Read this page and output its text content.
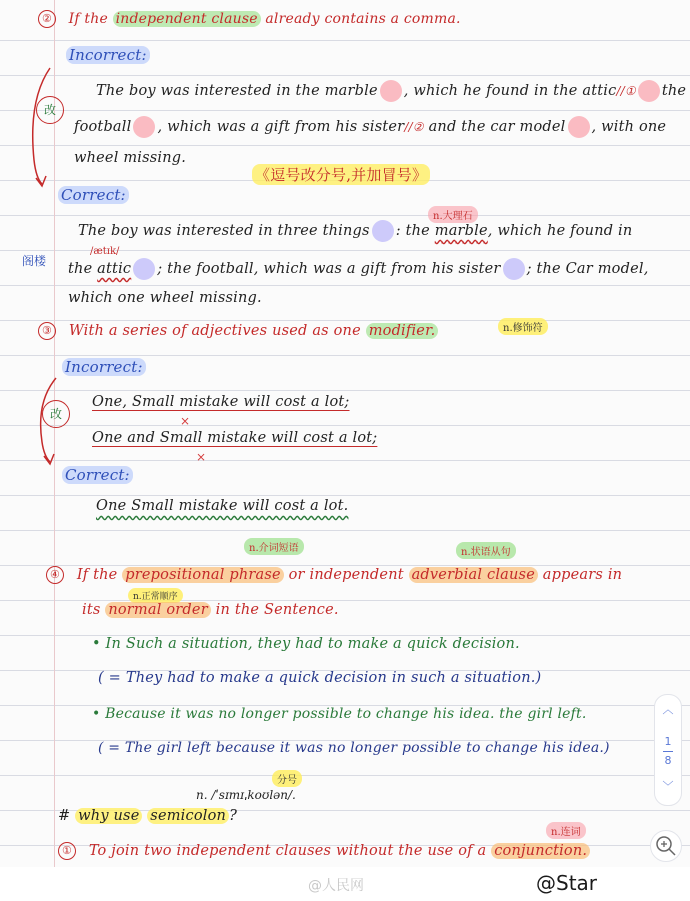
② If the independent clause already contains a comma.
Incorrect:
改
The boy was interested in the marble , which he found in the attic//① the
football , which was a gift from his sister//② and the car model , with one
wheel missing.
《逗号改分号,并加冒号》
Correct:
n.大理石
The boy was interested in three things : the marble, which he found in
阁楼
/ætɪk/
the attic ; the football, which was a gift from his sister ; the Car model,
which one wheel missing.
③ With a series of adjectives used as one modifier.	n.修饰符
Incorrect:
改
One, Small mistake will cost a lot;
×
One and Small mistake will cost a lot;
×
Correct:
One Small mistake will cost a lot.
n.介词短语	n.状语从句
④ If the prepositional phrase or independent adverbial clause appears in
n.正常顺序
its normal order in the Sentence.
• In Such a situation, they had to make a quick decision.
( = They had to make a quick decision in such a situation.)
• Because it was no longer possible to change his idea. the girl left.
( = The girl left because it was no longer possible to change his idea.)
分号
n. /ˈsɪmɪˌkoʊlən/.
# why use semicolon ?
n.连词
① To join two independent clauses without the use of a conjunction.
︿
1
8
﹀
@人民网	@Star
